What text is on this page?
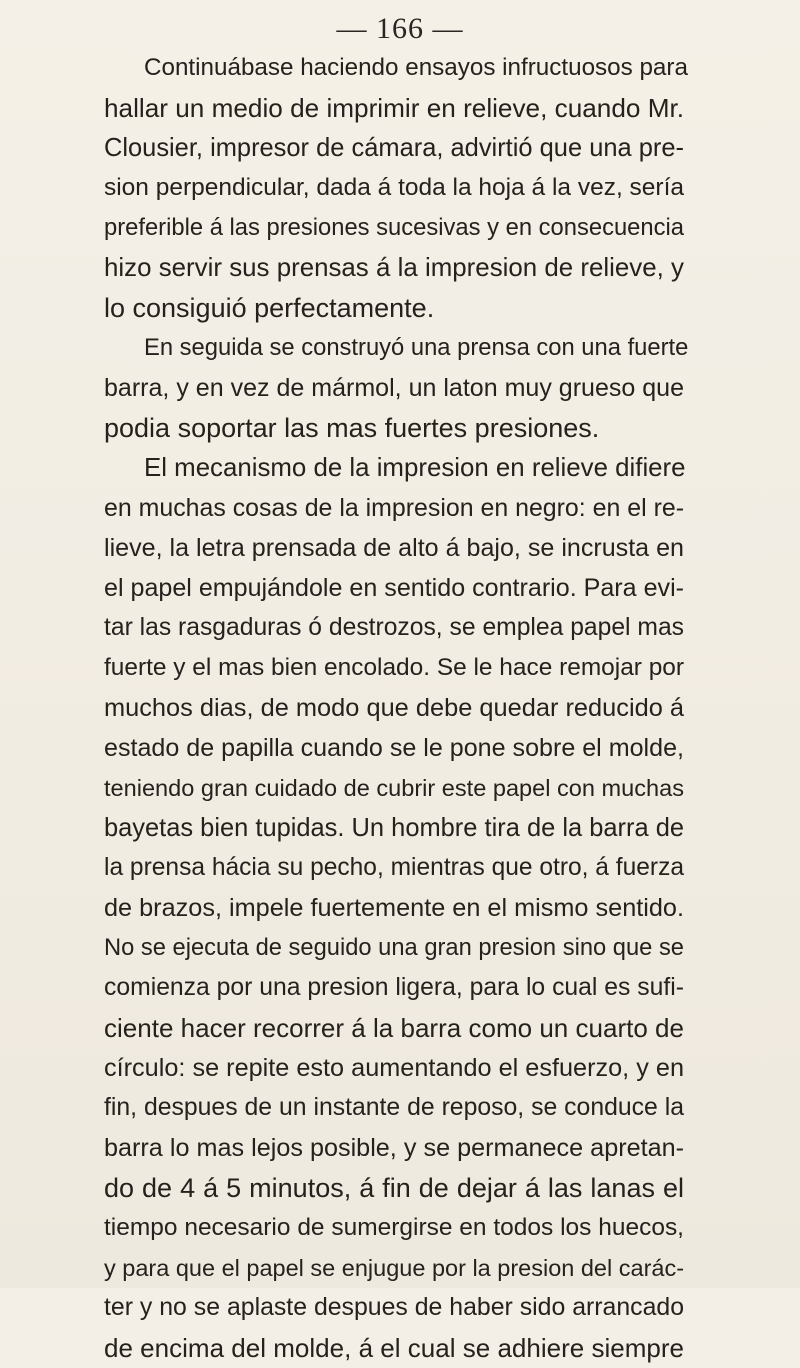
— 166 —
Continuábase haciendo ensayos infructuosos para
hallar un medio de imprimir en relieve, cuando Mr.
Clousier, impresor de cámara, advirtió que una pre-
sion perpendicular, dada á toda la hoja á la vez, sería
preferible á las presiones sucesivas y en consecuencia
hizo servir sus prensas á la impresion de relieve, y
lo consiguió perfectamente.
En seguida se construyó una prensa con una fuerte
barra, y en vez de mármol, un laton muy grueso que
podia soportar las mas fuertes presiones.
El mecanismo de la impresion en relieve difiere
en muchas cosas de la impresion en negro: en el re-
lieve, la letra prensada de alto á bajo, se incrusta en
el papel empujándole en sentido contrario. Para evi-
tar las rasgaduras ó destrozos, se emplea papel mas
fuerte y el mas bien encolado. Se le hace remojar por
muchos dias, de modo que debe quedar reducido á
estado de papilla cuando se le pone sobre el molde,
teniendo gran cuidado de cubrir este papel con muchas
bayetas bien tupidas. Un hombre tira de la barra de
la prensa hácia su pecho, mientras que otro, á fuerza
de brazos, impele fuertemente en el mismo sentido.
No se ejecuta de seguido una gran presion sino que se
comienza por una presion ligera, para lo cual es sufi-
ciente hacer recorrer á la barra como un cuarto de
círculo: se repite esto aumentando el esfuerzo, y en
fin, despues de un instante de reposo, se conduce la
barra lo mas lejos posible, y se permanece apretan-
do de 4 á 5 minutos, á fin de dejar á las lanas el
tiempo necesario de sumergirse en todos los huecos,
y para que el papel se enjugue por la presion del carác-
ter y no se aplaste despues de haber sido arrancado
de encima del molde, á el cual se adhiere siempre
